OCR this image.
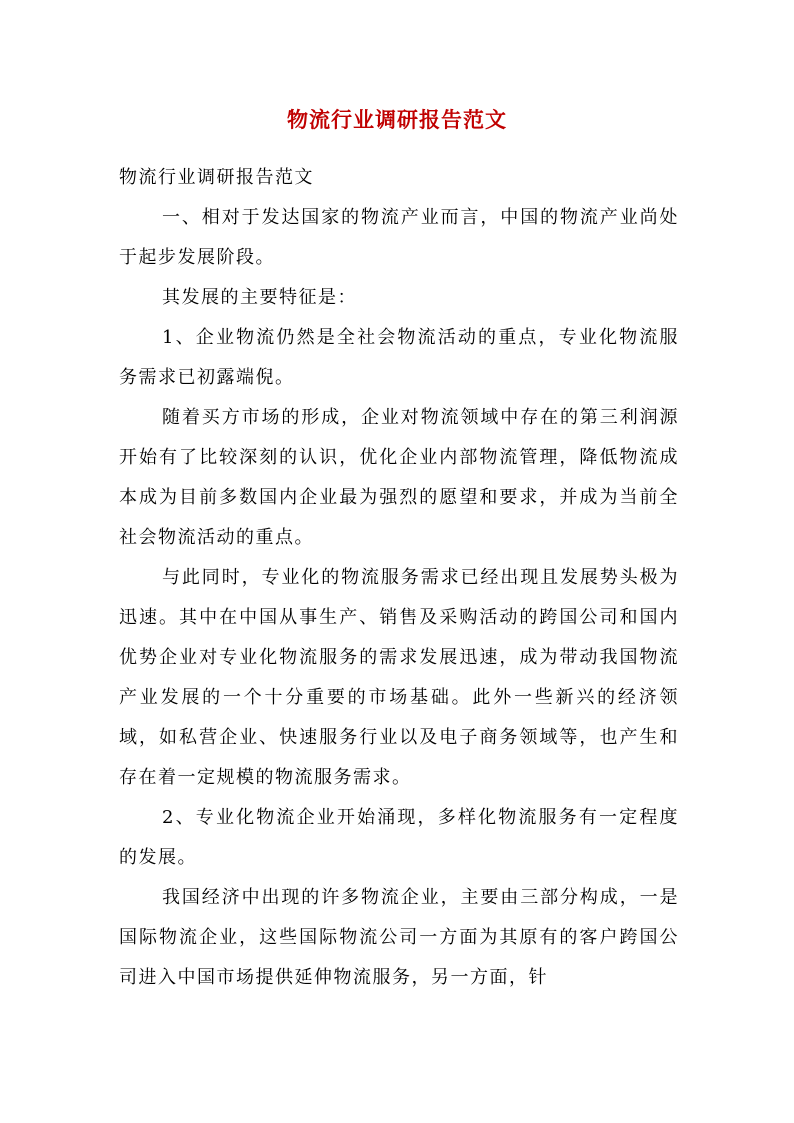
物流行业调研报告范文

物流行业调研报告范文

一、相对于发达国家的物流产业而言，中国的物流产业尚处于起步发展阶段。

其发展的主要特征是：

1、企业物流仍然是全社会物流活动的重点，专业化物流服务需求已初露端倪。

随着买方市场的形成，企业对物流领域中存在的第三利润源开始有了比较深刻的认识，优化企业内部物流管理，降低物流成本成为目前多数国内企业最为强烈的愿望和要求，并成为当前全社会物流活动的重点。

与此同时，专业化的物流服务需求已经出现且发展势头极为迅速。其中在中国从事生产、销售及采购活动的跨国公司和国内优势企业对专业化物流服务的需求发展迅速，成为带动我国物流产业发展的一个十分重要的市场基础。此外一些新兴的经济领域，如私营企业、快速服务行业以及电子商务领域等，也产生和存在着一定规模的物流服务需求。

2、专业化物流企业开始涌现，多样化物流服务有一定程度的发展。

我国经济中出现的许多物流企业，主要由三部分构成，一是国际物流企业，这些国际物流公司一方面为其原有的客户跨国公司进入中国市场提供延伸物流服务，另一方面，针
